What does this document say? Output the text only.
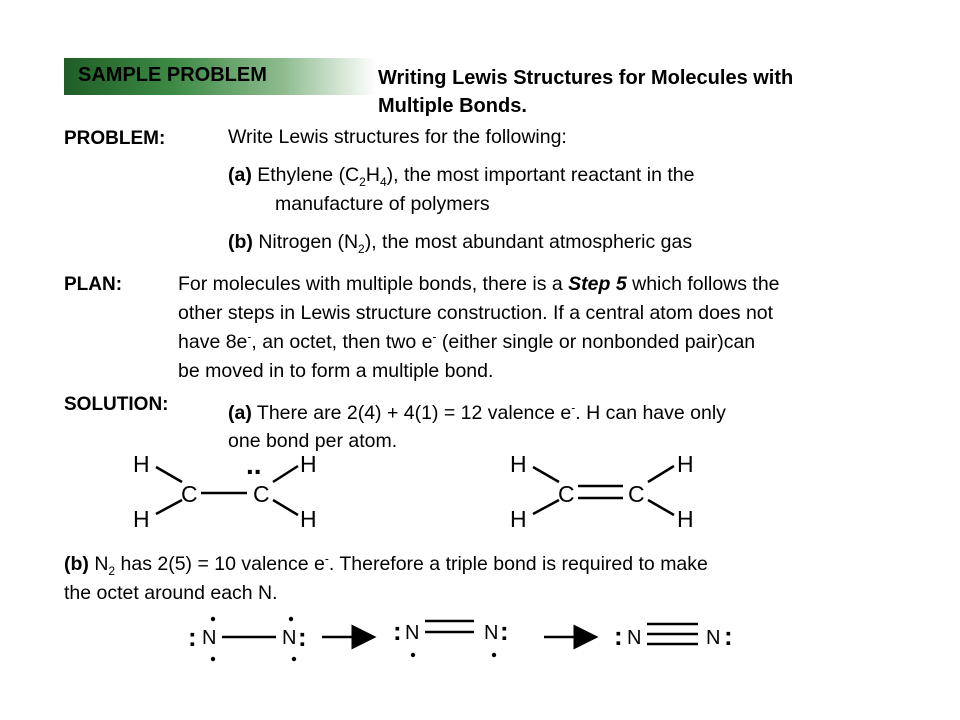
SAMPLE PROBLEM	Writing Lewis Structures for Molecules with
Multiple Bonds.
PROBLEM:	Write Lewis structures for the following:
(a) Ethylene $(C_2H_4)$, the most important reactant in the
manufacture of polymers
(b) Nitrogen $(N_2)$, the most abundant atmospheric gas
PLAN:	For molecules with multiple bonds, there is a Step 5 which follows the
other steps in Lewis structure construction. If a central atom does not
have 8e-, an octet, then two e- (either single or nonbonded pair)can
be moved in to form a multiple bond.
SOLUTION:	(a) There are 2(4) + 4(1) = 12 valence e-. H can have only
one bond per atom.
H
H
C C
.. H
H
H
H
C C
H
H
(b) $N_2$ has 2(5) = 10 valence e-. Therefore a triple bond is required to make
the octet around each N.
: N	N :	: N	N :	: N	N :
